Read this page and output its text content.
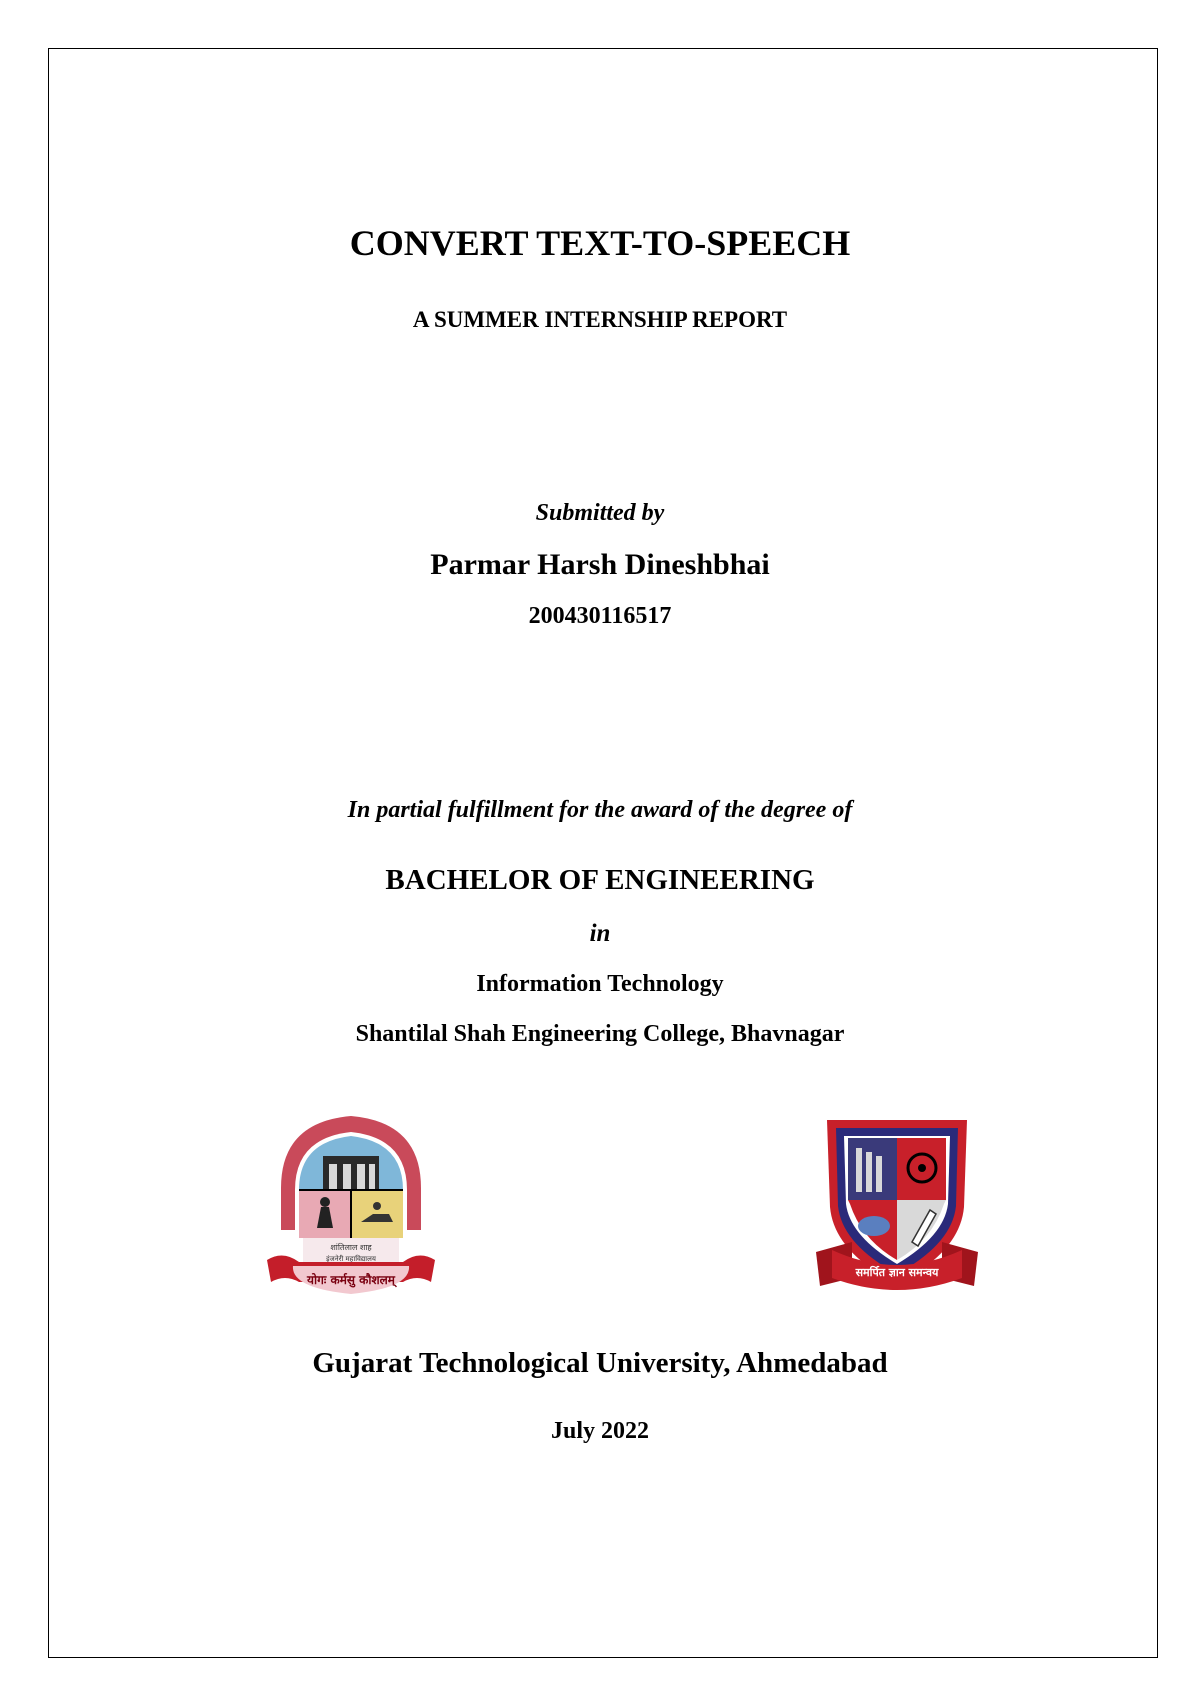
CONVERT TEXT-TO-SPEECH
A SUMMER INTERNSHIP REPORT
Submitted by
Parmar Harsh Dineshbhai
200430116517
In partial fulfillment for the award of the degree of
BACHELOR OF ENGINEERING
in
Information Technology
Shantilal Shah Engineering College, Bhavnagar
शांतिलाल शाह
इंजनेरी महाविद्यालय
योगः कर्मसु कौशलम्
समर्पित ज्ञान समन्वय
Gujarat Technological University, Ahmedabad
July 2022
